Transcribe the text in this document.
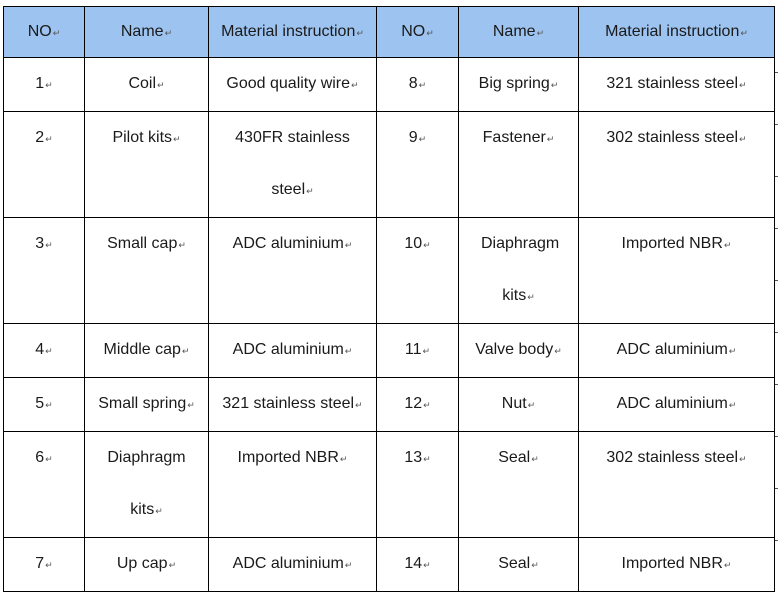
NO↵	Name↵	Material instruction↵	NO↵	Name↵	Material instruction↵

1↵	Coil↵	Good quality wire↵	8↵	Big spring↵	321 stainless steel↵

2↵	Pilot kits↵	430FR stainless steel↵	9↵	Fastener↵	302 stainless steel↵

3↵	Small cap↵	ADC aluminium↵	10↵	Diaphragm kits↵	Imported NBR↵

4↵	Middle cap↵	ADC aluminium↵	11↵	Valve body↵	ADC aluminium↵

5↵	Small spring↵	321 stainless steel↵	12↵	Nut↵	ADC aluminium↵

6↵	Diaphragm kits↵	Imported NBR↵	13↵	Seal↵	302 stainless steel↵

7↵	Up cap↵	ADC aluminium↵	14↵	Seal↵	Imported NBR↵
